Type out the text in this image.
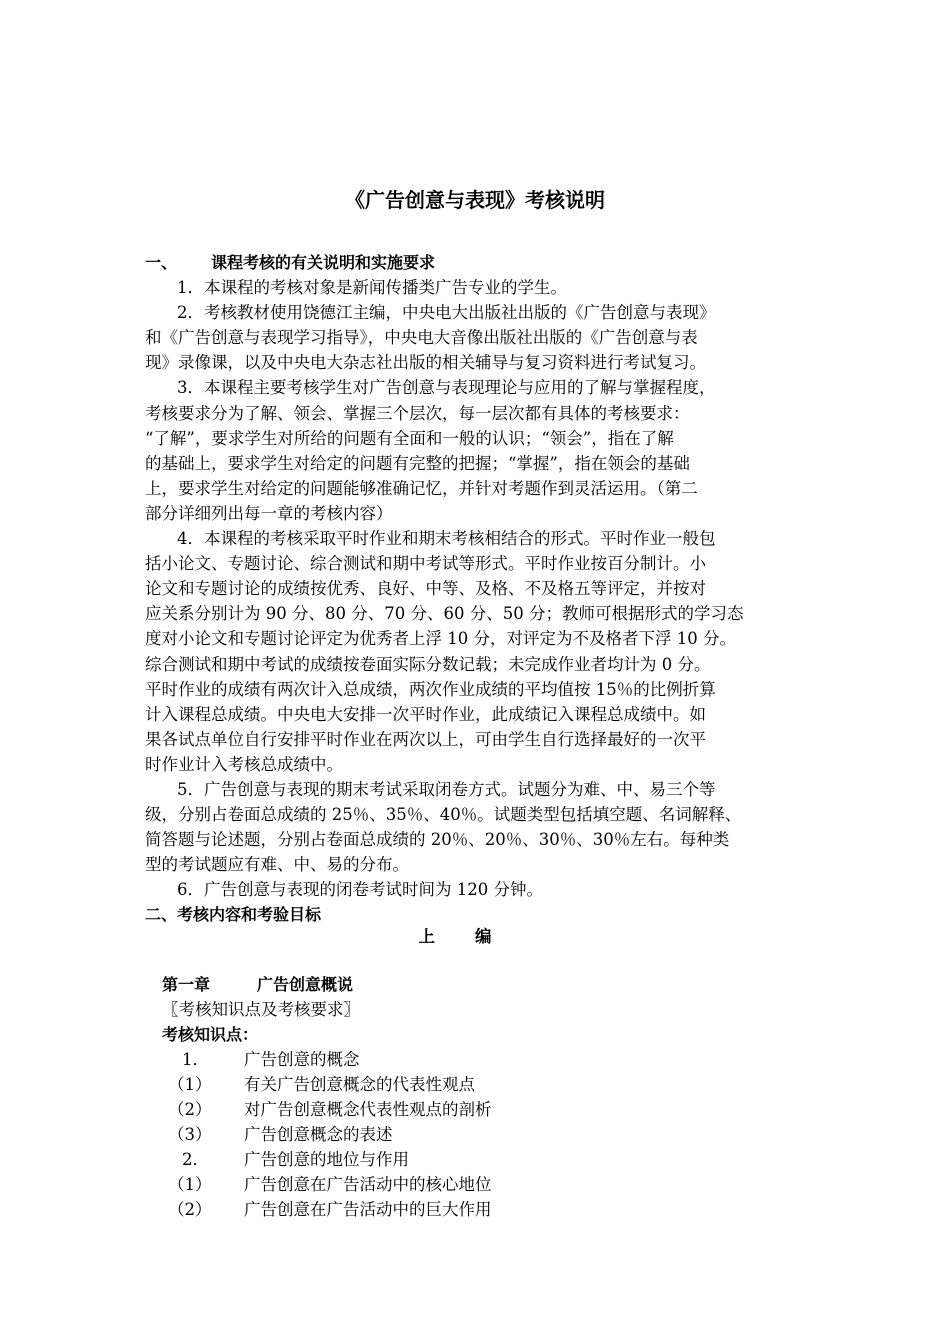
《广告创意与表现》考核说明
一、 课程考核的有关说明和实施要求
1．本课程的考核对象是新闻传播类广告专业的学生。
2．考核教材使用饶德江主编，中央电大出版社出版的《广告创意与表现》
和《广告创意与表现学习指导》，中央电大音像出版社出版的《广告创意与表
现》录像课，以及中央电大杂志社出版的相关辅导与复习资料进行考试复习。
3．本课程主要考核学生对广告创意与表现理论与应用的了解与掌握程度，
考核要求分为了解、领会、掌握三个层次，每一层次都有具体的考核要求：
“了解”，要求学生对所给的问题有全面和一般的认识；“领会”，指在了解
的基础上，要求学生对给定的问题有完整的把握；“掌握”，指在领会的基础
上，要求学生对给定的问题能够准确记忆，并针对考题作到灵活运用。（第二
部分详细列出每一章的考核内容）
4．本课程的考核采取平时作业和期末考核相结合的形式。平时作业一般包
括小论文、专题讨论、综合测试和期中考试等形式。平时作业按百分制计。小
论文和专题讨论的成绩按优秀、良好、中等、及格、不及格五等评定，并按对
应关系分别计为 90 分、80 分、70 分、60 分、50 分；教师可根据形式的学习态
度对小论文和专题讨论评定为优秀者上浮 10 分，对评定为不及格者下浮 10 分。
综合测试和期中考试的成绩按卷面实际分数记载；未完成作业者均计为 0 分。
平时作业的成绩有两次计入总成绩，两次作业成绩的平均值按 15％的比例折算
计入课程总成绩。中央电大安排一次平时作业，此成绩记入课程总成绩中。如
果各试点单位自行安排平时作业在两次以上，可由学生自行选择最好的一次平
时作业计入考核总成绩中。
5．广告创意与表现的期末考试采取闭卷方式。试题分为难、中、易三个等
级，分别占卷面总成绩的 25％、35％、40％。试题类型包括填空题、名词解释、
简答题与论述题，分别占卷面总成绩的 20％、20％、30％、30％左右。每种类
型的考试题应有难、中、易的分布。
6．广告创意与表现的闭卷考试时间为 120 分钟。
二、考核内容和考验目标
上编
第一章	广告创意概说
〖考核知识点及考核要求〗
考核知识点：
1． 广告创意的概念
（1） 有关广告创意概念的代表性观点
（2） 对广告创意概念代表性观点的剖析
（3） 广告创意概念的表述
2． 广告创意的地位与作用
（1） 广告创意在广告活动中的核心地位
（2） 广告创意在广告活动中的巨大作用
